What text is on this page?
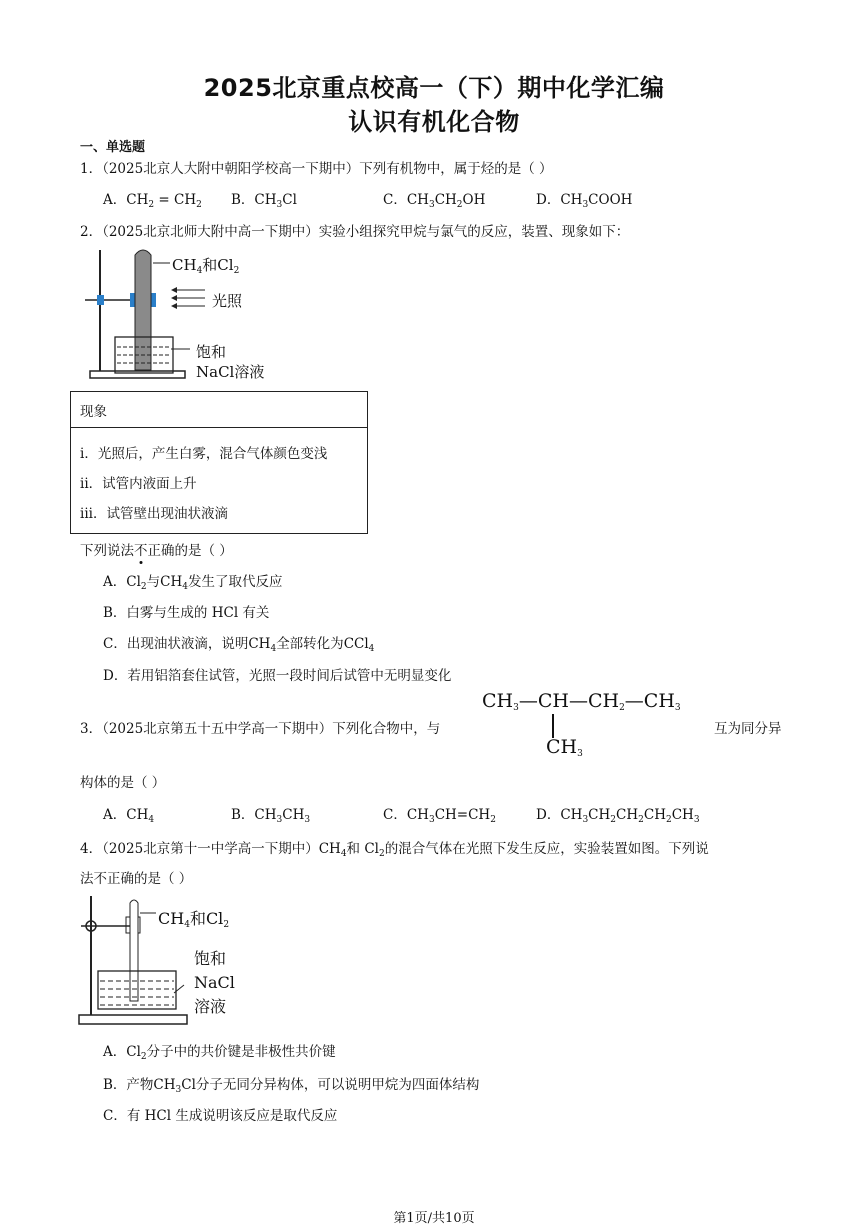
2025北京重点校高一（下）期中化学汇编
认识有机化合物
一、单选题
1．（2025北京人大附中朝阳学校高一下期中）下列有机物中，属于烃的是（ ）
A．$CH_2 = CH_2$ B．$CH_3Cl$	C．$CH_3CH_2OH$	D．$CH_3COOH$
2．（2025北京北师大附中高一下期中）实验小组探究甲烷与氯气的反应，装置、现象如下：
$CH_4$和$Cl_2$
光照
饱和
NaCl溶液
现象
i．光照后，产生白雾，混合气体颜色变浅
ii．试管内液面上升
iii．试管壁出现油状液滴
下列说法不正确的是（ ）
A．$Cl_2$与$CH_4$发生了取代反应
B．白雾与生成的 HCl 有关
C．出现油状液滴，说明$CH_4$全部转化为CCl$_4$
D．若用铝箔套住试管，光照一段时间后试管中无明显变化
$CH_3—CH—CH_2—CH_3$
$CH_3$
3．（2025北京第五十五中学高一下期中）下列化合物中，与	互为同分异
构体的是（ ）
A．$CH_4$	B．$CH_3CH_3$	C．$CH_3CH=CH_2$	D．$CH_3CH_2CH_2CH_2CH_3$
4．（2025北京第十一中学高一下期中）$CH_4$和 $Cl_2$的混合气体在光照下发生反应，实验装置如图。下列说
法不正确的是（ ）
$CH_4$和$Cl_2$
饱和
NaCl
溶液
A．$Cl_2$分子中的共价键是非极性共价键
B．产物$CH_3Cl$分子无同分异构体，可以说明甲烷为四面体结构
C．有 HCl 生成说明该反应是取代反应
第1页/共10页
